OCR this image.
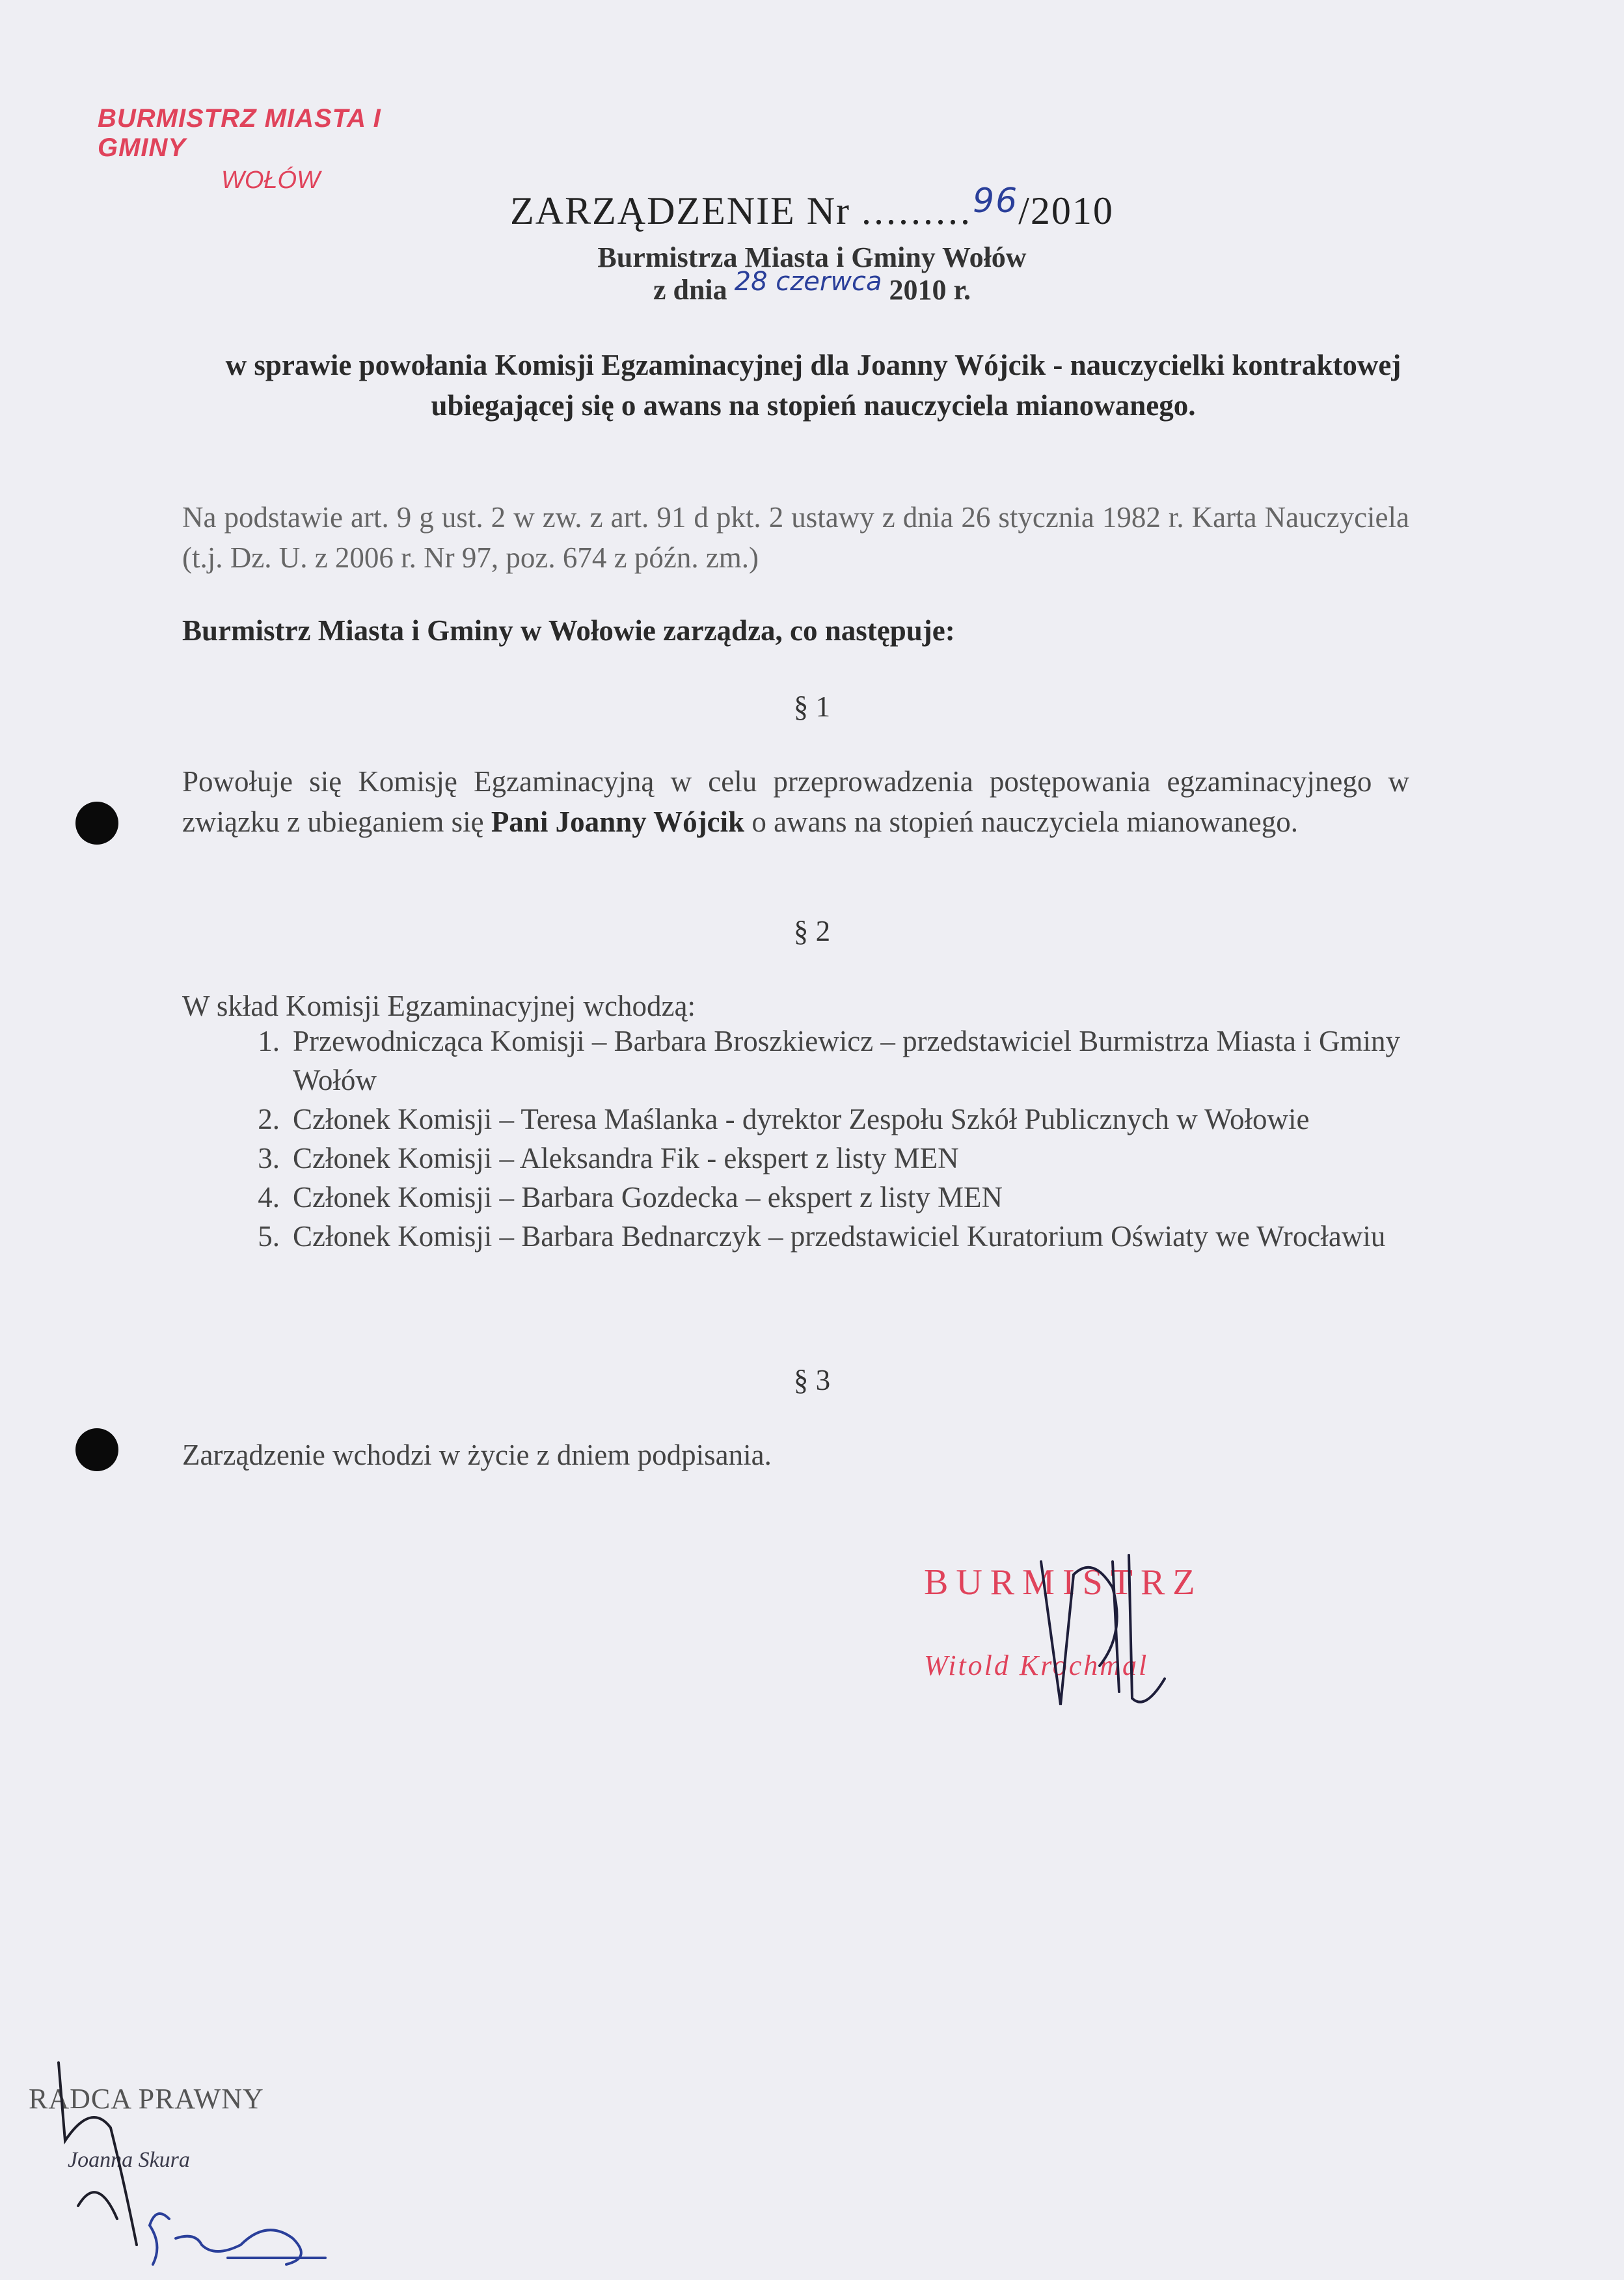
BURMISTRZ MIASTA I GMINY
WOŁÓW
ZARZĄDZENIE Nr .........96/2010
Burmistrza Miasta i Gminy Wołów
z dnia 28 czerwca 2010 r.
w sprawie powołania Komisji Egzaminacyjnej dla Joanny Wójcik - nauczycielki kontraktowej ubiegającej się o awans na stopień nauczyciela mianowanego.
Na podstawie art. 9 g ust. 2 w zw. z art. 91 d pkt. 2 ustawy z dnia 26 stycznia 1982 r. Karta Nauczyciela (t.j. Dz. U. z 2006 r. Nr 97, poz. 674 z późn. zm.)
Burmistrz Miasta i Gminy w Wołowie zarządza, co następuje:
§ 1
Powołuje się Komisję Egzaminacyjną w celu przeprowadzenia postępowania egzaminacyjnego w związku z ubieganiem się Pani Joanny Wójcik o awans na stopień nauczyciela mianowanego.
§ 2
W skład Komisji Egzaminacyjnej wchodzą:
1. Przewodnicząca Komisji – Barbara Broszkiewicz – przedstawiciel Burmistrza Miasta i Gminy Wołów
2. Członek Komisji – Teresa Maślanka - dyrektor Zespołu Szkół Publicznych w Wołowie
3. Członek Komisji – Aleksandra Fik - ekspert z listy MEN
4. Członek Komisji – Barbara Gozdecka – ekspert z listy MEN
5. Członek Komisji – Barbara Bednarczyk – przedstawiciel Kuratorium Oświaty we Wrocławiu
§ 3
Zarządzenie wchodzi w życie z dniem podpisania.
BURMISTRZ
Witold Krochmal
RADCA PRAWNY
Joanna Skura
